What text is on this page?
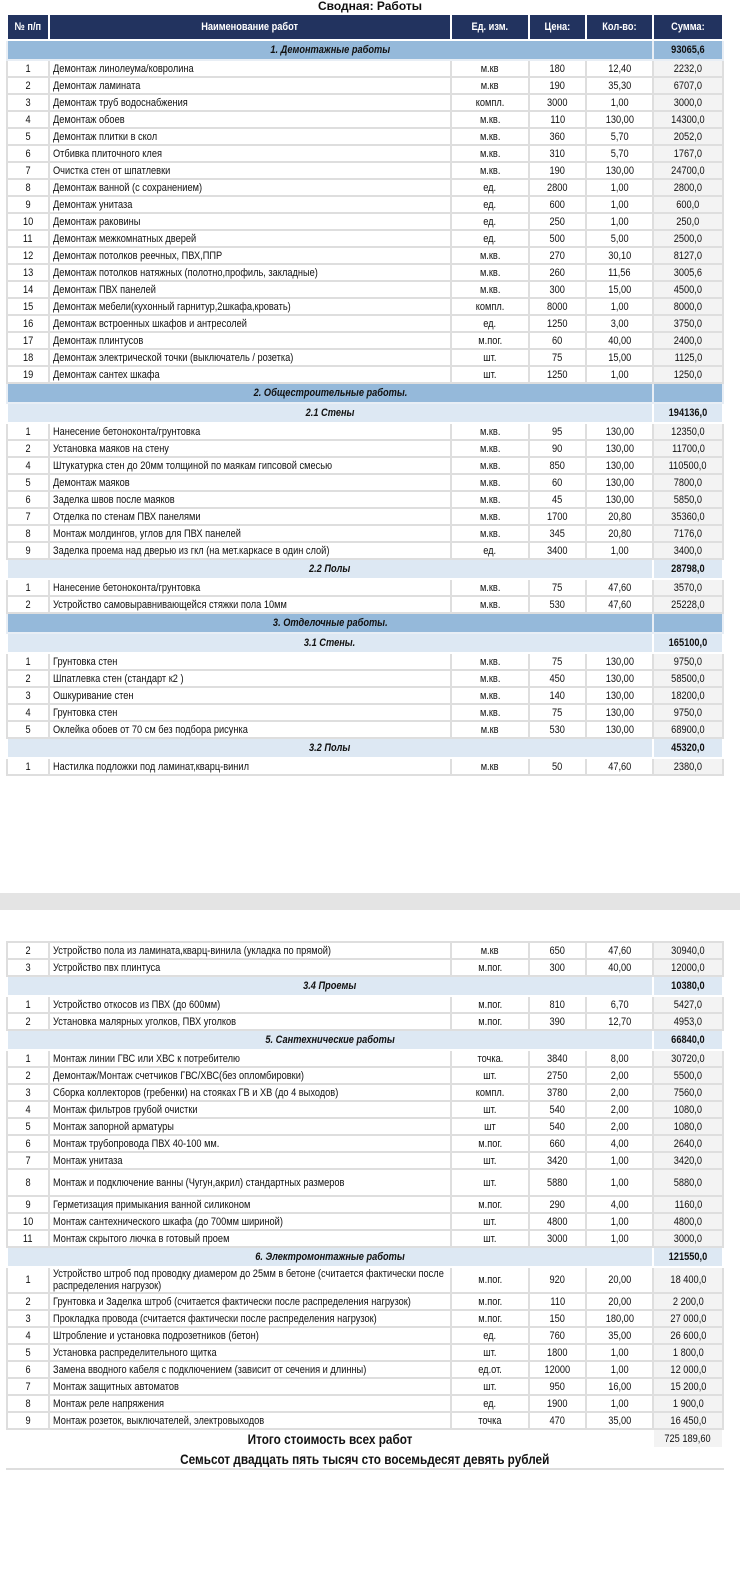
Сводная: Работы
№ п/п	Наименование работ	Ед. изм.	Цена:	Кол-во:	Сумма:
1. Демонтажные работы					93065,6
1	Демонтаж линолеума/ковролина	м.кв	180	12,40	2232,0
2	Демонтаж ламината	м.кв	190	35,30	6707,0
3	Демонтаж труб водоснабжения	компл.	3000	1,00	3000,0
4	Демонтаж обоев	м.кв.	110	130,00	14300,0
5	Демонтаж плитки в скол	м.кв.	360	5,70	2052,0
6	Отбивка плиточного клея	м.кв.	310	5,70	1767,0
7	Очистка стен от шпатлевки	м.кв.	190	130,00	24700,0
8	Демонтаж ванной (с сохранением)	ед.	2800	1,00	2800,0
9	Демонтаж унитаза	ед.	600	1,00	600,0
10	Демонтаж раковины	ед.	250	1,00	250,0
11	Демонтаж межкомнатных дверей	ед.	500	5,00	2500,0
12	Демонтаж потолков реечных, ПВХ,ППР	м.кв.	270	30,10	8127,0
13	Демонтаж потолков натяжных (полотно,профиль, закладные)	м.кв.	260	11,56	3005,6
14	Демонтаж ПВХ панелей	м.кв.	300	15,00	4500,0
15	Демонтаж мебели(кухонный гарнитур,2шкафа,кровать)	компл.	8000	1,00	8000,0
16	Демонтаж встроенных шкафов и антресолей	ед.	1250	3,00	3750,0
17	Демонтаж плинтусов	м.пог.	60	40,00	2400,0
18	Демонтаж электрической точки (выключатель / розетка)	шт.	75	15,00	1125,0
19	Демонтаж сантех шкафа	шт.	1250	1,00	1250,0
2. Общестроительные работы.					
2.1 Стены					194136,0
1	Нанесение бетоноконта/грунтовка	м.кв.	95	130,00	12350,0
2	Установка маяков на стену	м.кв.	90	130,00	11700,0
4	Штукатурка стен до 20мм толщиной по маякам гипсовой смесью	м.кв.	850	130,00	110500,0
5	Демонтаж маяков	м.кв.	60	130,00	7800,0
6	Заделка швов после маяков	м.кв.	45	130,00	5850,0
7	Отделка по стенам ПВХ панелями	м.кв.	1700	20,80	35360,0
8	Монтаж молдингов, углов для ПВХ панелей	м.кв.	345	20,80	7176,0
9	Заделка проема над дверью из гкл (на мет.каркасе в один слой)	ед.	3400	1,00	3400,0
2.2 Полы					28798,0
1	Нанесение бетоноконта/грунтовка	м.кв.	75	47,60	3570,0
2	Устройство самовыравнивающейся стяжки пола 10мм	м.кв.	530	47,60	25228,0
3. Отделочные работы.					
3.1 Стены.					165100,0
1	Грунтовка стен	м.кв.	75	130,00	9750,0
2	Шпатлевка стен (стандарт к2 )	м.кв.	450	130,00	58500,0
3	Ошкуривание стен	м.кв.	140	130,00	18200,0
4	Грунтовка стен	м.кв.	75	130,00	9750,0
5	Оклейка обоев от 70 см без подбора рисунка	м.кв	530	130,00	68900,0
3.2 Полы					45320,0
1	Настилка подложки под ламинат,кварц-винил	м.кв	50	47,60	2380,0
2	Устройство пола из ламината,кварц-винила (укладка по прямой)	м.кв	650	47,60	30940,0
3	Устройство пвх плинтуса	м.пог.	300	40,00	12000,0
3.4 Проемы					10380,0
1	Устройство откосов из ПВХ (до 600мм)	м.пог.	810	6,70	5427,0
2	Установка малярных уголков, ПВХ уголков	м.пог.	390	12,70	4953,0
5. Сантехнические работы					66840,0
1	Монтаж линии ГВС или ХВС к потребителю	точка.	3840	8,00	30720,0
2	Демонтаж/Монтаж счетчиков ГВС/ХВС(без опломбировки)	шт.	2750	2,00	5500,0
3	Сборка коллекторов (гребенки) на стояках ГВ и ХВ (до 4 выходов)	компл.	3780	2,00	7560,0
4	Монтаж фильтров грубой очистки	шт.	540	2,00	1080,0
5	Монтаж запорной арматуры	шт	540	2,00	1080,0
6	Монтаж трубопровода ПВХ 40-100 мм.	м.пог.	660	4,00	2640,0
7	Монтаж унитаза	шт.	3420	1,00	3420,0
8	Монтаж и подключение ванны (Чугун,акрил) стандартных размеров	шт.	5880	1,00	5880,0
9	Герметизация примыкания ванной силиконом	м.пог.	290	4,00	1160,0
10	Монтаж сантехнического шкафа (до 700мм шириной)	шт.	4800	1,00	4800,0
11	Монтаж скрытого лючка в готовый проем	шт.	3000	1,00	3000,0
6. Электромонтажные работы					121550,0
1	Устройство штроб под проводку диамером до 25мм в бетоне (считается фактически после распределения нагрузок)	м.пог.	920	20,00	18 400,0
2	Грунтовка и Заделка штроб (считается фактически после распределения нагрузок)	м.пог.	110	20,00	2 200,0
3	Прокладка провода (считается фактически после распределения нагрузок)	м.пог.	150	180,00	27 000,0
4	Штробление и установка подрозетников (бетон)	ед.	760	35,00	26 600,0
5	Установка распределительного щитка	шт.	1800	1,00	1 800,0
6	Замена вводного кабеля с подключением (зависит от сечения и длинны)	ед.от.	12000	1,00	12 000,0
7	Монтаж защитных автоматов	шт.	950	16,00	15 200,0
8	Монтаж реле напряжения	ед.	1900	1,00	1 900,0
9	Монтаж розеток, выключателей, электровыходов	точка	470	35,00	16 450,0
Итого стоимость всех работ					725 189,60
Семьсот двадцать пять тысяч сто восемьдесят девять рублей					
